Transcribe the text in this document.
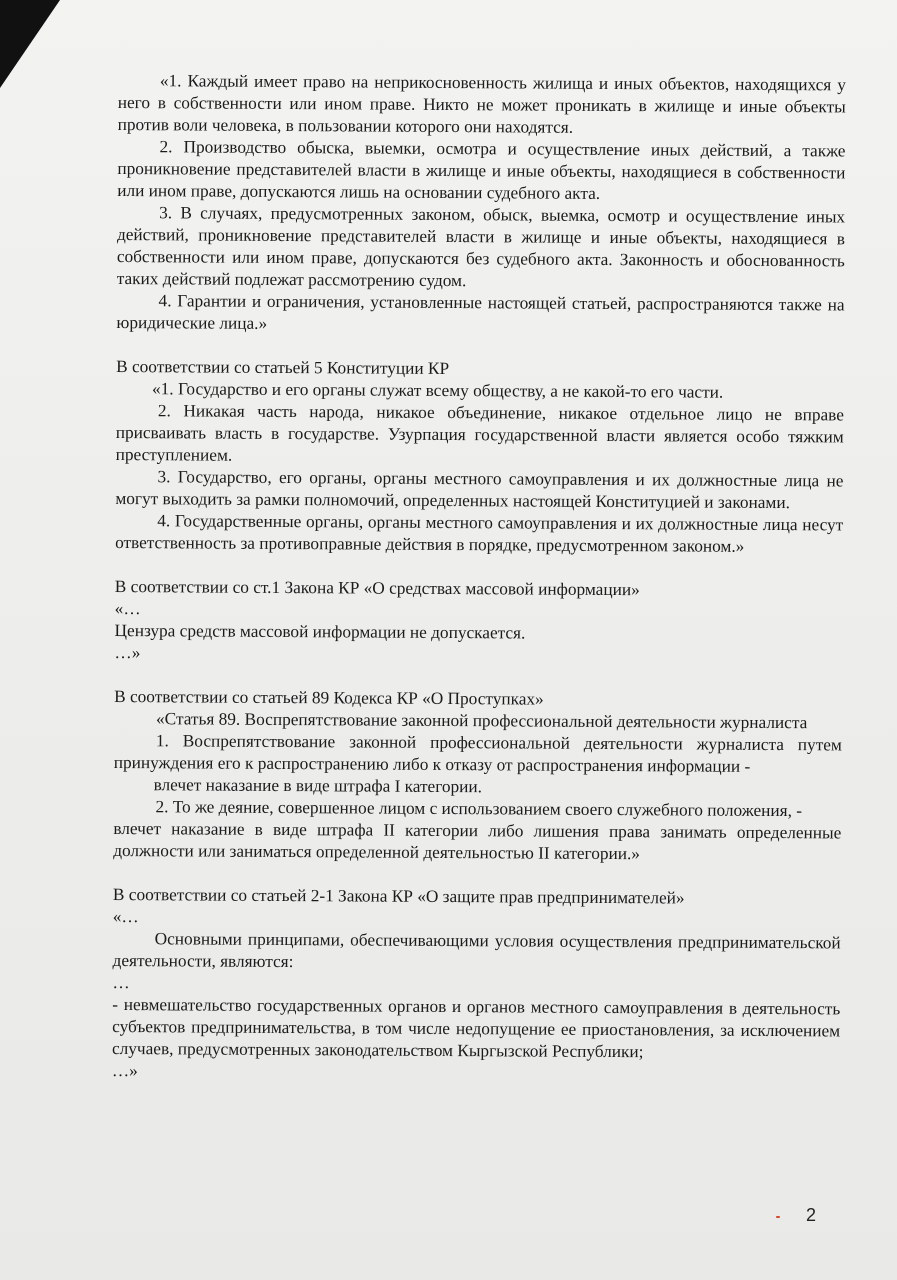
«1. Каждый имеет право на неприкосновенность жилища и иных объектов, находящихся у него в собственности или ином праве. Никто не может проникать в жилище и иные объекты против воли человека, в пользовании которого они находятся.

2. Производство обыска, выемки, осмотра и осуществление иных действий, а также проникновение представителей власти в жилище и иные объекты, находящиеся в собственности или ином праве, допускаются лишь на основании судебного акта.

3. В случаях, предусмотренных законом, обыск, выемка, осмотр и осуществление иных действий, проникновение представителей власти в жилище и иные объекты, находящиеся в собственности или ином праве, допускаются без судебного акта. Законность и обоснованность таких действий подлежат рассмотрению судом.

4. Гарантии и ограничения, установленные настоящей статьей, распространяются также на юридические лица.»

В соответствии со статьей 5 Конституции КР

«1. Государство и его органы служат всему обществу, а не какой-то его части.

2. Никакая часть народа, никакое объединение, никакое отдельное лицо не вправе присваивать власть в государстве. Узурпация государственной власти является особо тяжким преступлением.

3. Государство, его органы, органы местного самоуправления и их должностные лица не могут выходить за рамки полномочий, определенных настоящей Конституцией и законами.

4. Государственные органы, органы местного самоуправления и их должностные лица несут ответственность за противоправные действия в порядке, предусмотренном законом.»

В соответствии со ст.1 Закона КР «О средствах массовой информации»

«…

Цензура средств массовой информации не допускается.

…»

В соответствии со статьей 89 Кодекса КР «О Проступках»

«Статья 89. Воспрепятствование законной профессиональной деятельности журналиста

1. Воспрепятствование законной профессиональной деятельности журналиста путем принуждения его к распространению либо к отказу от распространения информации -

влечет наказание в виде штрафа I категории.

2. То же деяние, совершенное лицом с использованием своего служебного положения, -

влечет наказание в виде штрафа II категории либо лишения права занимать определенные должности или заниматься определенной деятельностью II категории.»

В соответствии со статьей 2-1 Закона КР «О защите прав предпринимателей»

«…

Основными принципами, обеспечивающими условия осуществления предпринимательской деятельности, являются:

…

- невмешательство государственных органов и органов местного самоуправления в деятельность субъектов предпринимательства, в том числе недопущение ее приостановления, за исключением случаев, предусмотренных законодательством Кыргызской Республики;

…»

2
